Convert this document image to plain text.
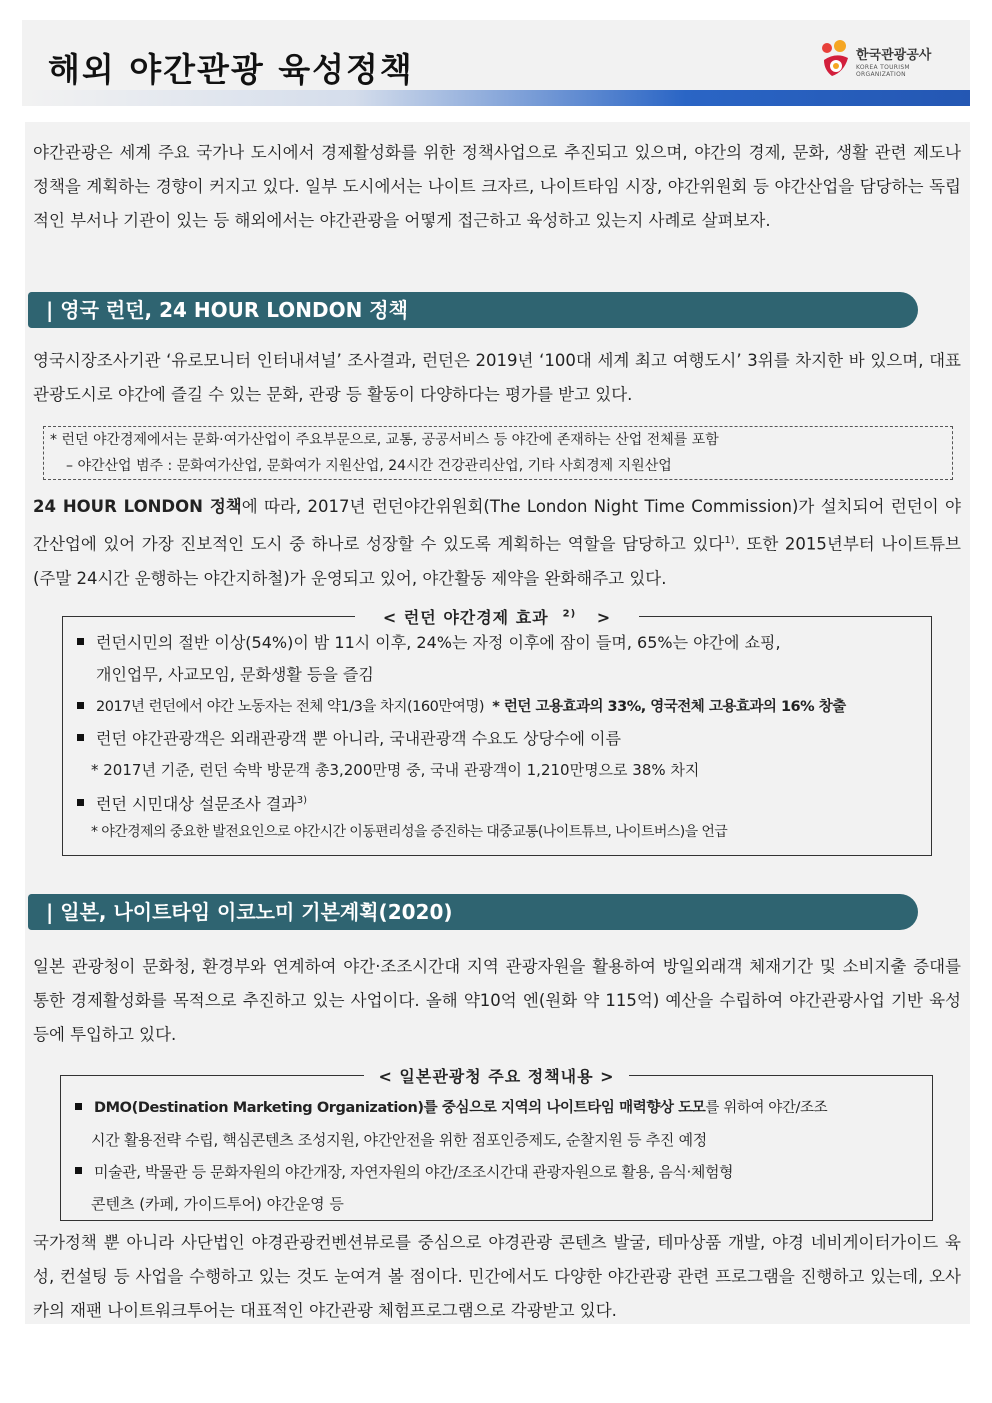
해외 야간관광 육성정책	한국관광공사
KOREA TOURISM ORGANIZATION

야간관광은 세계 주요 국가나 도시에서 경제활성화를 위한 정책사업으로 추진되고 있으며, 야간의 경제, 문화, 생활 관련 제도나 정책을 계획하는 경향이 커지고 있다. 일부 도시에서는 나이트 크자르, 나이트타임 시장, 야간위원회 등 야간산업을 담당하는 독립적인 부서나 기관이 있는 등 해외에서는 야간관광을 어떻게 접근하고 육성하고 있는지 사례로 살펴보자.

| 영국 런던, 24 HOUR LONDON 정책

영국시장조사기관 ‘유로모니터 인터내셔널’ 조사결과, 런던은 2019년 ‘100대 세계 최고 여행도시’ 3위를 차지한 바 있으며, 대표 관광도시로 야간에 즐길 수 있는 문화, 관광 등 활동이 다양하다는 평가를 받고 있다.

* 런던 야간경제에서는 문화·여가산업이 주요부문으로, 교통, 공공서비스 등 야간에 존재하는 산업 전체를 포함
– 야간산업 범주 : 문화여가산업, 문화여가 지원산업, 24시간 건강관리산업, 기타 사회경제 지원산업

24 HOUR LONDON 정책에 따라, 2017년 런던야간위원회(The London Night Time Commission)가 설치되어 런던이 야간산업에 있어 가장 진보적인 도시 중 하나로 성장할 수 있도록 계획하는 역할을 담당하고 있다$^{1)}$. 또한 2015년부터 나이트튜브(주말 24시간 운행하는 야간지하철)가 운영되고 있어, 야간활동 제약을 완화해주고 있다.

< 런던 야간경제 효과 $^{2)}$ >
런던시민의 절반 이상(54%)이 밤 11시 이후, 24%는 자정 이후에 잠이 들며, 65%는 야간에 쇼핑,
개인업무, 사교모임, 문화생활 등을 즐김
2017년 런던에서 야간 노동자는 전체 약1/3을 차지(160만여명) * 런던 고용효과의 33%, 영국전체 고용효과의 16% 창출
런던 야간관광객은 외래관광객 뿐 아니라, 국내관광객 수요도 상당수에 이름
* 2017년 기준, 런던 숙박 방문객 총3,200만명 중, 국내 관광객이 1,210만명으로 38% 차지
런던 시민대상 설문조사 결과$^{3)}$
* 야간경제의 중요한 발전요인으로 야간시간 이동편리성을 증진하는 대중교통(나이트튜브, 나이트버스)을 언급
| 일본, 나이트타임 이코노미 기본계획(2020)

일본 관광청이 문화청, 환경부와 연계하여 야간·조조시간대 지역 관광자원을 활용하여 방일외래객 체재기간 및 소비지출 증대를 통한 경제활성화를 목적으로 추진하고 있는 사업이다. 올해 약10억 엔(원화 약 115억) 예산을 수립하여 야간관광사업 기반 육성 등에 투입하고 있다.

< 일본관광청 주요 정책내용 >
DMO(Destination Marketing Organization)를 중심으로 지역의 나이트타임 매력향상 도모를 위하여 야간/조조
시간 활용전략 수립, 핵심콘텐츠 조성지원, 야간안전을 위한 점포인증제도, 순찰지원 등 추진 예정
미술관, 박물관 등 문화자원의 야간개장, 자연자원의 야간/조조시간대 관광자원으로 활용, 음식·체험형
콘텐츠 (카페, 가이드투어) 야간운영 등

국가정책 뿐 아니라 사단법인 야경관광컨벤션뷰로를 중심으로 야경관광 콘텐츠 발굴, 테마상품 개발, 야경 네비게이터가이드 육성, 컨설팅 등 사업을 수행하고 있는 것도 눈여겨 볼 점이다. 민간에서도 다양한 야간관광 관련 프로그램을 진행하고 있는데, 오사카의 재팬 나이트워크투어는 대표적인 야간관광 체험프로그램으로 각광받고 있다.
